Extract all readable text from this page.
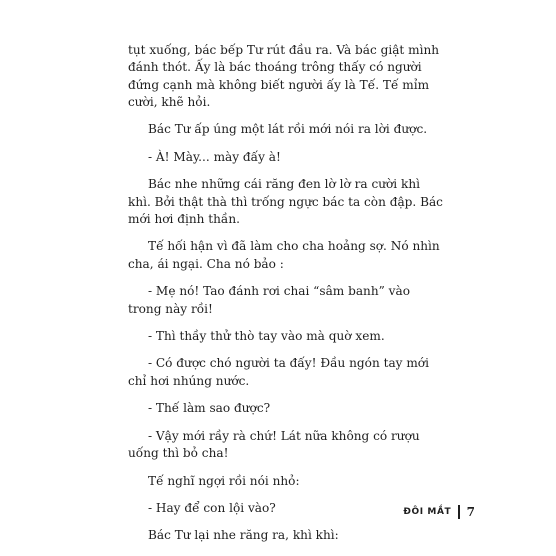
tụt xuống, bác bếp Tư rút đầu ra. Và bác giật mình đánh thót. Ấy là bác thoáng trông thấy có người đứng cạnh mà không biết người ấy là Tế. Tế mỉm cười, khẽ hỏi.

Bác Tư ấp úng một lát rồi mới nói ra lời được.

- À! Mày... mày đấy à!

Bác nhe những cái răng đen lờ lờ ra cười khì khì. Bởi thật thà thì trống ngực bác ta còn đập. Bác mới hơi định thần.

Tế hối hận vì đã làm cho cha hoảng sợ. Nó nhìn cha, ái ngại. Cha nó bảo :

- Mẹ nó! Tao đánh rơi chai “sâm banh” vào trong này rồi!

- Thì thầy thử thò tay vào mà quờ xem.

- Có được chó người ta đấy! Đầu ngón tay mới chỉ hơi nhúng nước.

- Thế làm sao được?

- Vậy mới rầy rà chứ! Lát nữa không có rượu uống thì bỏ cha!

Tế nghĩ ngợi rồi nói nhỏ:

- Hay để con lội vào?

Bác Tư lại nhe răng ra, khì khì:

ĐÔI MẮT 7
